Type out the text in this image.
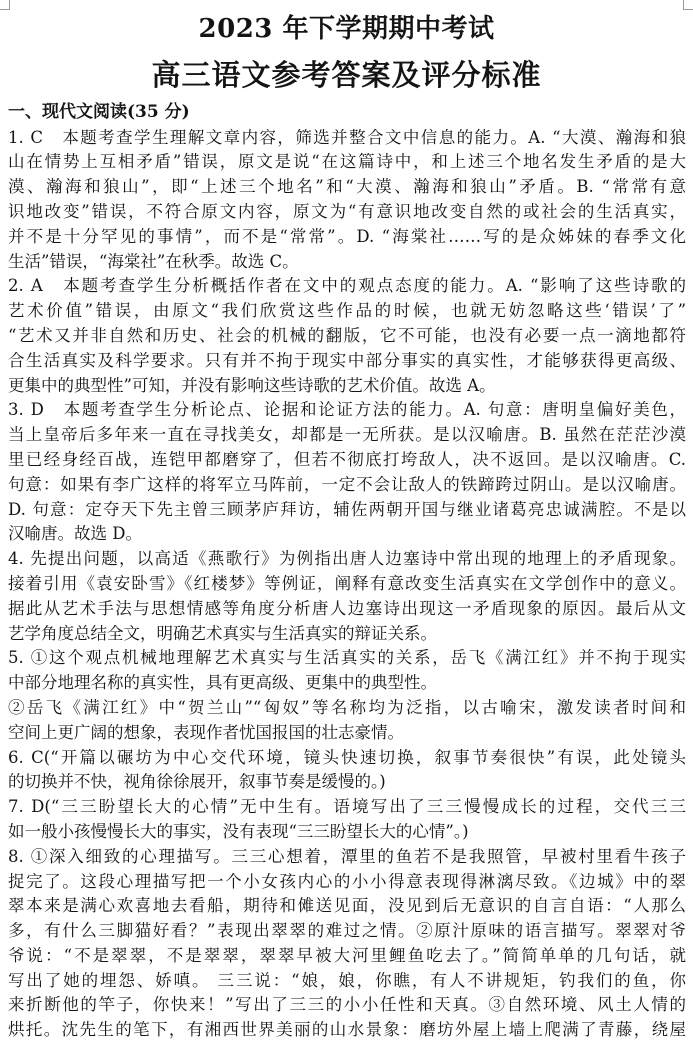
2023 年下学期期中考试
高三语文参考答案及评分标准
一、现代文阅读(35 分)
1. C　本题考查学生理解文章内容，筛选并整合文中信息的能力。A. “大漠、瀚海和狼
山在情势上互相矛盾”错误，原文是说“在这篇诗中，和上述三个地名发生矛盾的是大
漠、瀚海和狼山”，即“上述三个地名”和“大漠、瀚海和狼山”矛盾。B. “常常有意
识地改变”错误，不符合原文内容，原文为“有意识地改变自然的或社会的生活真实，
并不是十分罕见的事情”，而不是“常常”。D. “海棠社……写的是众姊妹的春季文化
生活”错误，“海棠社”在秋季。故选 C。
2. A　本题考查学生分析概括作者在文中的观点态度的能力。A. “影响了这些诗歌的
艺术价值”错误，由原文“我们欣赏这些作品的时候，也就无妨忽略这些‘错误’了”
“艺术又并非自然和历史、社会的机械的翻版，它不可能，也没有必要一点一滴地都符
合生活真实及科学要求。只有并不拘于现实中部分事实的真实性，才能够获得更高级、
更集中的典型性”可知，并没有影响这些诗歌的艺术价值。故选 A。
3. D　本题考查学生分析论点、论据和论证方法的能力。A. 句意：唐明皇偏好美色，
当上皇帝后多年来一直在寻找美女，却都是一无所获。是以汉喻唐。B. 虽然在茫茫沙漠
里已经身经百战，连铠甲都磨穿了，但若不彻底打垮敌人，决不返回。是以汉喻唐。C.
句意：如果有李广这样的将军立马阵前，一定不会让敌人的铁蹄跨过阴山。是以汉喻唐。
D. 句意：定夺天下先主曾三顾茅庐拜访，辅佐两朝开国与继业诸葛亮忠诚满腔。不是以
汉喻唐。故选 D。
4. 先提出问题，以高适《燕歌行》为例指出唐人边塞诗中常出现的地理上的矛盾现象。
接着引用《袁安卧雪》《红楼梦》等例证，阐释有意改变生活真实在文学创作中的意义。
据此从艺术手法与思想情感等角度分析唐人边塞诗出现这一矛盾现象的原因。最后从文
艺学角度总结全文，明确艺术真实与生活真实的辩证关系。
5. ①这个观点机械地理解艺术真实与生活真实的关系，岳飞《满江红》并不拘于现实
中部分地理名称的真实性，具有更高级、更集中的典型性。
②岳飞《满江红》中“贺兰山”“匈奴”等名称均为泛指，以古喻宋，激发读者时间和
空间上更广阔的想象，表现作者忧国报国的壮志豪情。
6. C(“开篇以碾坊为中心交代环境，镜头快速切换，叙事节奏很快”有误，此处镜头
的切换并不快，视角徐徐展开，叙事节奏是缓慢的。)
7. D(“三三盼望长大的心情”无中生有。语境写出了三三慢慢成长的过程，交代三三
如一般小孩慢慢长大的事实，没有表现“三三盼望长大的心情”。)
8. ①深入细致的心理描写。三三心想着，潭里的鱼若不是我照管，早被村里看牛孩子
捉完了。这段心理描写把一个小女孩内心的小小得意表现得淋漓尽致。《边城》中的翠
翠本来是满心欢喜地去看船，期待和傩送见面，没见到后无意识的自言自语：“人那么
多，有什么三脚猫好看？”表现出翠翠的难过之情。②原汁原味的语言描写。翠翠对爷
爷说：“不是翠翠，不是翠翠，翠翠早被大河里鲤鱼吃去了。”简简单单的几句话，就
写出了她的埋怨、娇嗔。 三三说：“娘，娘，你瞧，有人不讲规矩，钓我们的鱼，你
来折断他的竿子，你快来！”写出了三三的小小任性和天真。③自然环境、风土人情的
烘托。沈先生的笔下，有湘西世界美丽的山水景象：磨坊外屋上墙上爬满了青藤，绕屋
